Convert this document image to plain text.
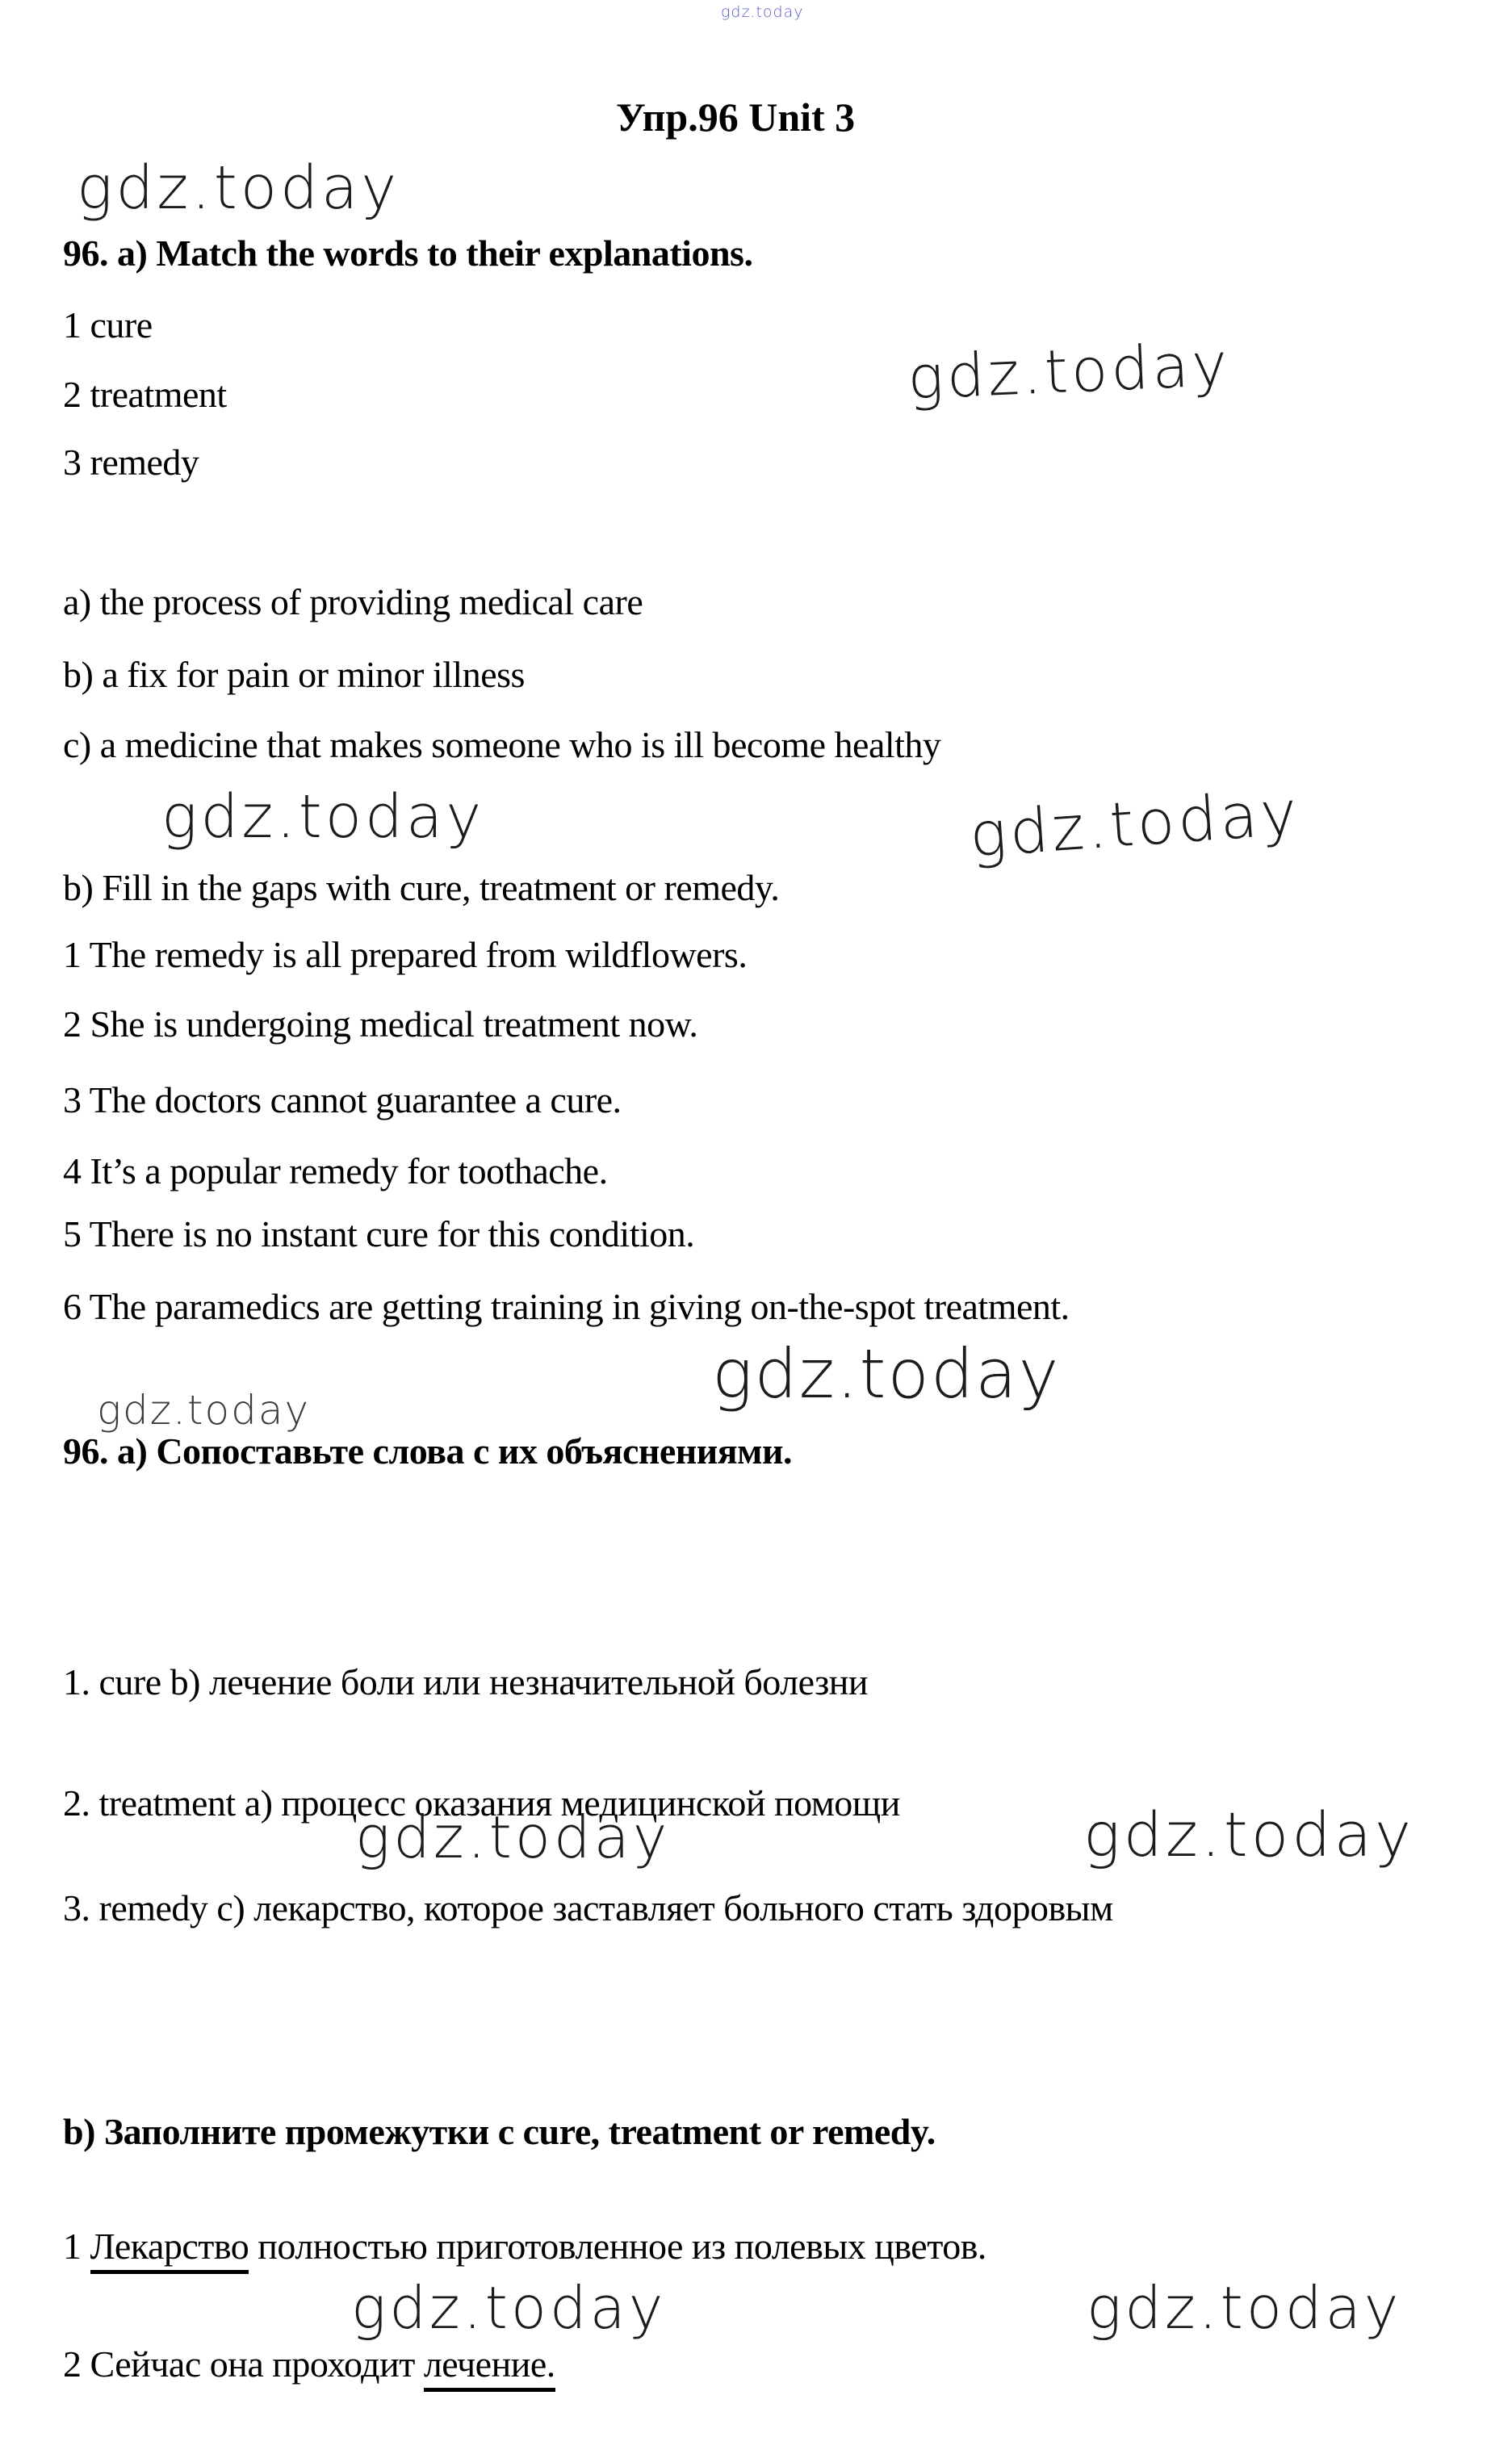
gdz.today
Упр.96 Unit 3
gdz.today
96. a) Match the words to their explanations.
1 cure
2 treatment
3 remedy
gdz.today
a) the process of providing medical care
b) a fix for pain or minor illness
c) a medicine that makes someone who is ill become healthy
gdz.today	gdz.today
b) Fill in the gaps with cure, treatment or remedy.
1 The remedy is all prepared from wildflowers.
2 She is undergoing medical treatment now.
3 The doctors cannot guarantee a cure.
4 It’s a popular remedy for toothache.
5 There is no instant cure for this condition.
6 The paramedics are getting training in giving on-the-spot treatment.
gdz.today
gdz.today
96. а) Сопоставьте слова с их объяснениями.
1. cure b) лечение боли или незначительной болезни
2. treatment а) процесс оказания медицинской помощи
gdz.today	gdz.today
3. remedy c) лекарство, которое заставляет больного стать здоровым
b) Заполните промежутки с cure, treatment or remedy.
1 Лекарство полностью приготовленное из полевых цветов.
gdz.today	gdz.today
2 Сейчас она проходит лечение.
